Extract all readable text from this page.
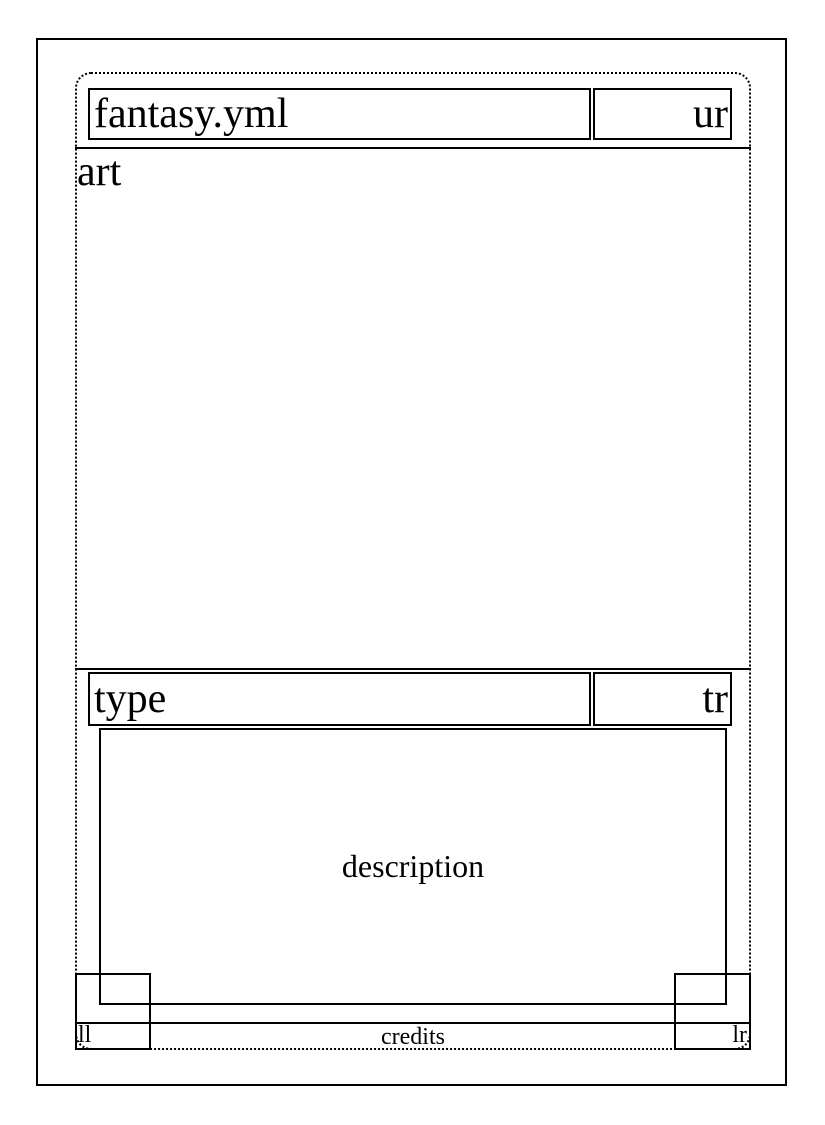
fantasy.yml	ur
art
type	tr
description
ll	lr
credits
